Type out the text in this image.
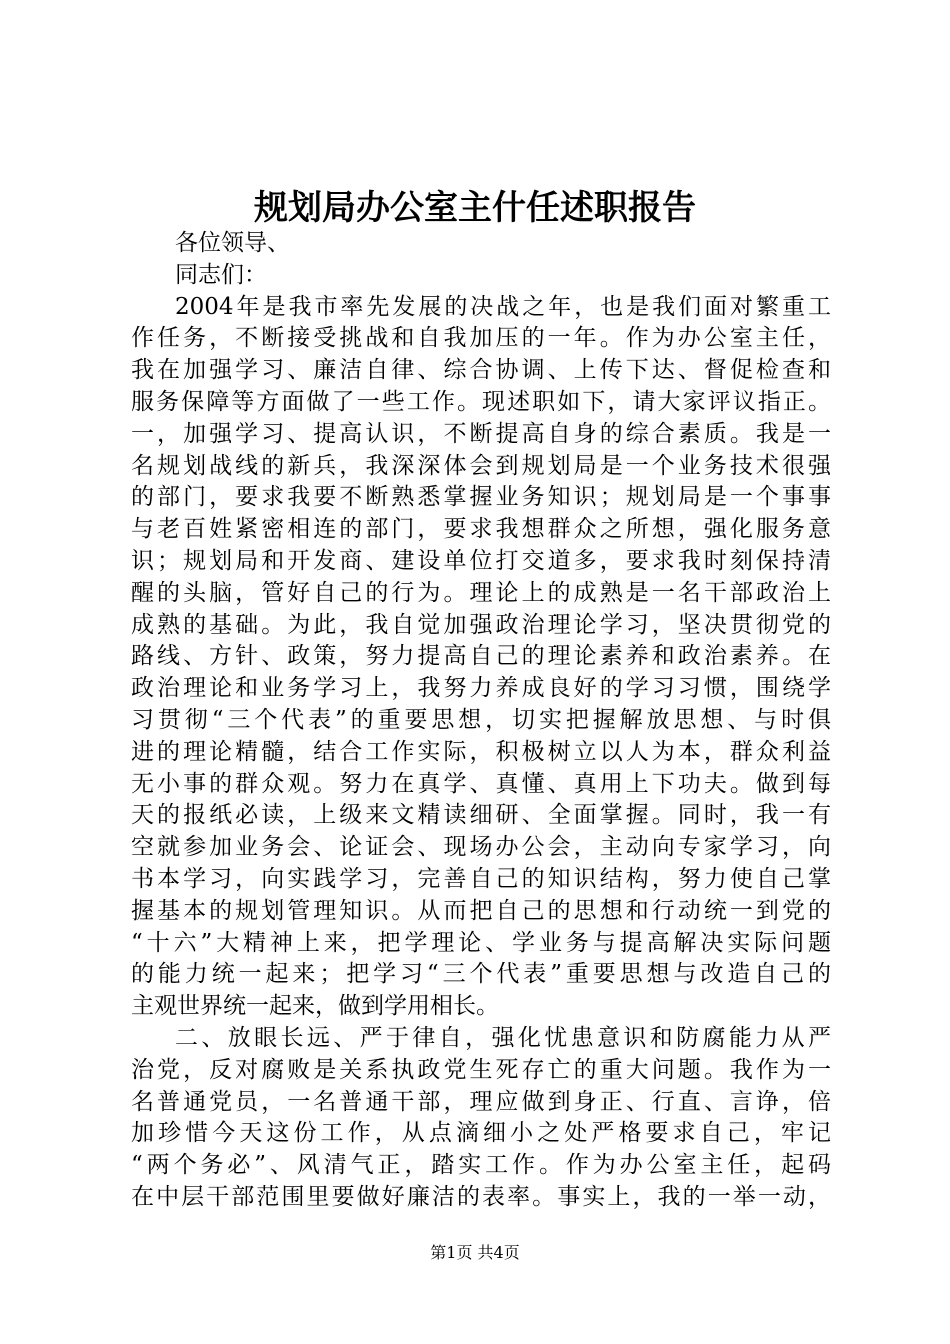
规划局办公室主什任述职报告
各位领导、
同志们：
2004年是我市率先发展的决战之年，也是我们面对繁重工
作任务，不断接受挑战和自我加压的一年。作为办公室主任，
我在加强学习、廉洁自律、综合协调、上传下达、督促检查和
服务保障等方面做了一些工作。现述职如下，请大家评议指正。
一，加强学习、提高认识，不断提高自身的综合素质。我是一
名规划战线的新兵，我深深体会到规划局是一个业务技术很强
的部门，要求我要不断熟悉掌握业务知识；规划局是一个事事
与老百姓紧密相连的部门，要求我想群众之所想，强化服务意
识；规划局和开发商、建设单位打交道多，要求我时刻保持清
醒的头脑，管好自己的行为。理论上的成熟是一名干部政治上
成熟的基础。为此，我自觉加强政治理论学习，坚决贯彻党的
路线、方针、政策，努力提高自己的理论素养和政治素养。在
政治理论和业务学习上，我努力养成良好的学习习惯，围绕学
习贯彻“三个代表”的重要思想，切实把握解放思想、与时俱
进的理论精髓，结合工作实际，积极树立以人为本，群众利益
无小事的群众观。努力在真学、真懂、真用上下功夫。做到每
天的报纸必读，上级来文精读细研、全面掌握。同时，我一有
空就参加业务会、论证会、现场办公会，主动向专家学习，向
书本学习，向实践学习，完善自己的知识结构，努力使自己掌
握基本的规划管理知识。从而把自己的思想和行动统一到党的
“十六”大精神上来，把学理论、学业务与提高解决实际问题
的能力统一起来；把学习“三个代表”重要思想与改造自己的
主观世界统一起来，做到学用相长。
二、放眼长远、严于律自，强化忧患意识和防腐能力从严
治党，反对腐败是关系执政党生死存亡的重大问题。我作为一
名普通党员，一名普通干部，理应做到身正、行直、言诤，倍
加珍惜今天这份工作，从点滴细小之处严格要求自己，牢记
“两个务必”、风清气正，踏实工作。作为办公室主任，起码
在中层干部范围里要做好廉洁的表率。事实上，我的一举一动，
第1页 共4页
